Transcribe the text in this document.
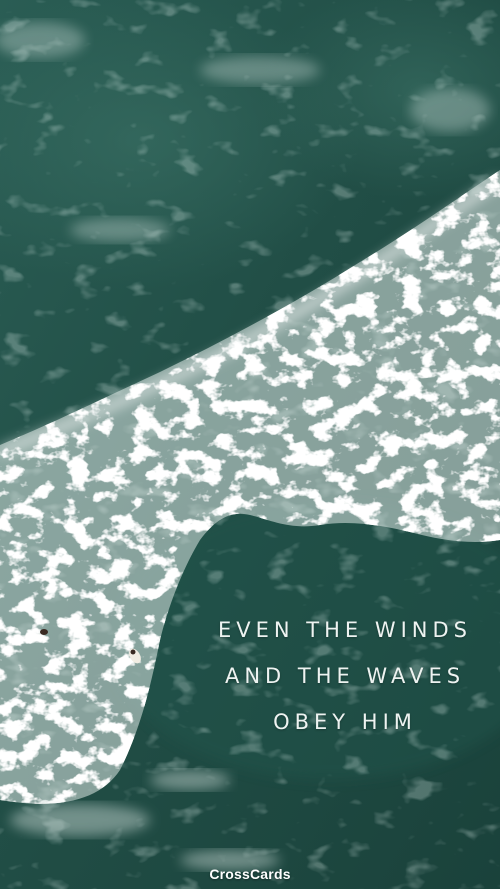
EVEN THE WINDS
AND THE WAVES
OBEY HIM
CrossCards
